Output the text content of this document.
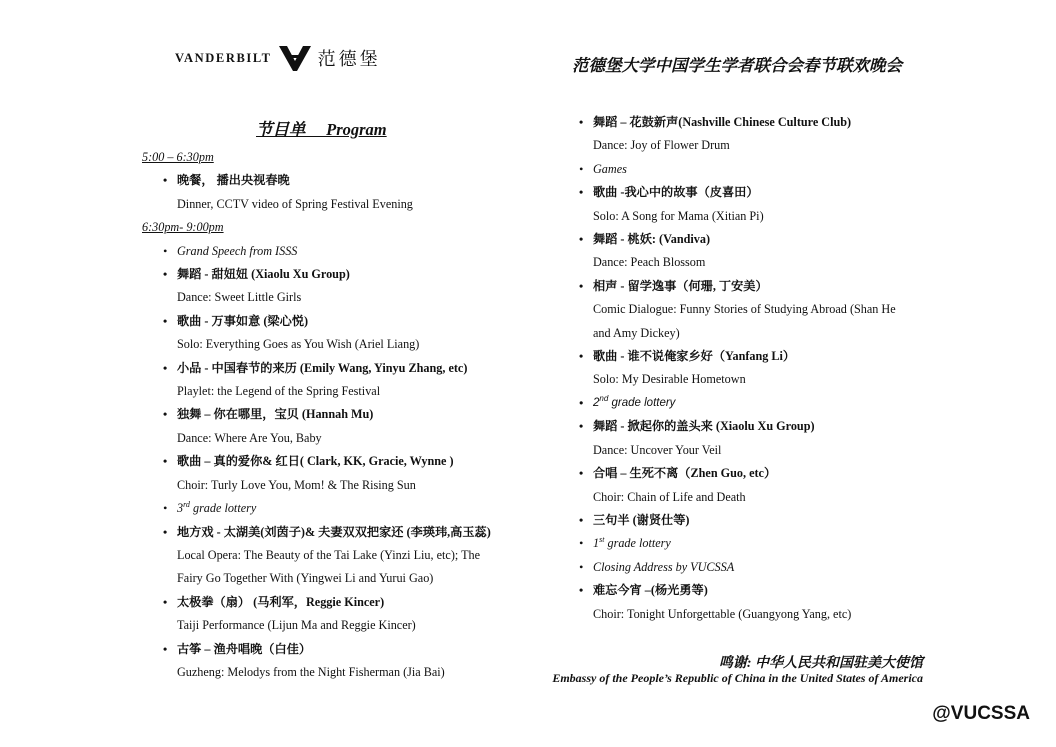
VANDERBILT	范德堡	范德堡大学中国学生学者联合会春节联欢晚会
节目单     Program
5:00 – 6:30pm
• 晚餐， 播出央视春晚
Dinner, CCTV video of Spring Festival Evening
6:30pm- 9:00pm
• Grand Speech from ISSS
• 舞蹈 - 甜妞妞 (Xiaolu Xu Group)
Dance: Sweet Little Girls
• 歌曲 - 万事如意 (梁心悦)
Solo: Everything Goes as You Wish (Ariel Liang)
• 小品 - 中国春节的来历 (Emily Wang, Yinyu Zhang, etc)
Playlet: the Legend of the Spring Festival
• 独舞 – 你在哪里，宝贝 (Hannah Mu)
Dance: Where Are You, Baby
• 歌曲 – 真的爱你& 红日( Clark, KK, Gracie, Wynne )
Choir: Turly Love You, Mom! & The Rising Sun
• 3rd grade lottery
• 地方戏 - 太湖美(刘茵子)& 夫妻双双把家还 (李瑛玮,高玉蕊)
Local Opera: The Beauty of the Tai Lake (Yinzi Liu, etc); The
Fairy Go Together With (Yingwei Li and Yurui Gao)
• 太极拳（扇） (马利军，Reggie Kincer)
Taiji Performance (Lijun Ma and Reggie Kincer)
• 古筝 – 渔舟唱晚（白佳）
Guzheng: Melodys from the Night Fisherman (Jia Bai)
• 舞蹈 – 花鼓新声(Nashville Chinese Culture Club)
Dance: Joy of Flower Drum
• Games
• 歌曲 -我心中的故事（皮喜田）
Solo: A Song for Mama (Xitian Pi)
• 舞蹈 - 桃妖: (Vandiva)
Dance: Peach Blossom
• 相声 - 留学逸事（何珊, 丁安美）
Comic Dialogue: Funny Stories of Studying Abroad (Shan He
and Amy Dickey)
• 歌曲 - 谁不说俺家乡好（Yanfang Li）
Solo: My Desirable Hometown
• 2nd grade lottery
• 舞蹈 - 掀起你的盖头来 (Xiaolu Xu Group)
Dance: Uncover Your Veil
• 合唱 – 生死不离（Zhen Guo, etc）
Choir: Chain of Life and Death
• 三句半 (谢贤仕等)
• 1st grade lottery
• Closing Address by VUCSSA
• 难忘今宵 –(杨光勇等)
Choir: Tonight Unforgettable (Guangyong Yang, etc)
鸣谢: 中华人民共和国驻美大使馆
Embassy of the People’s Republic of China in the United States of America
@VUCSSA
